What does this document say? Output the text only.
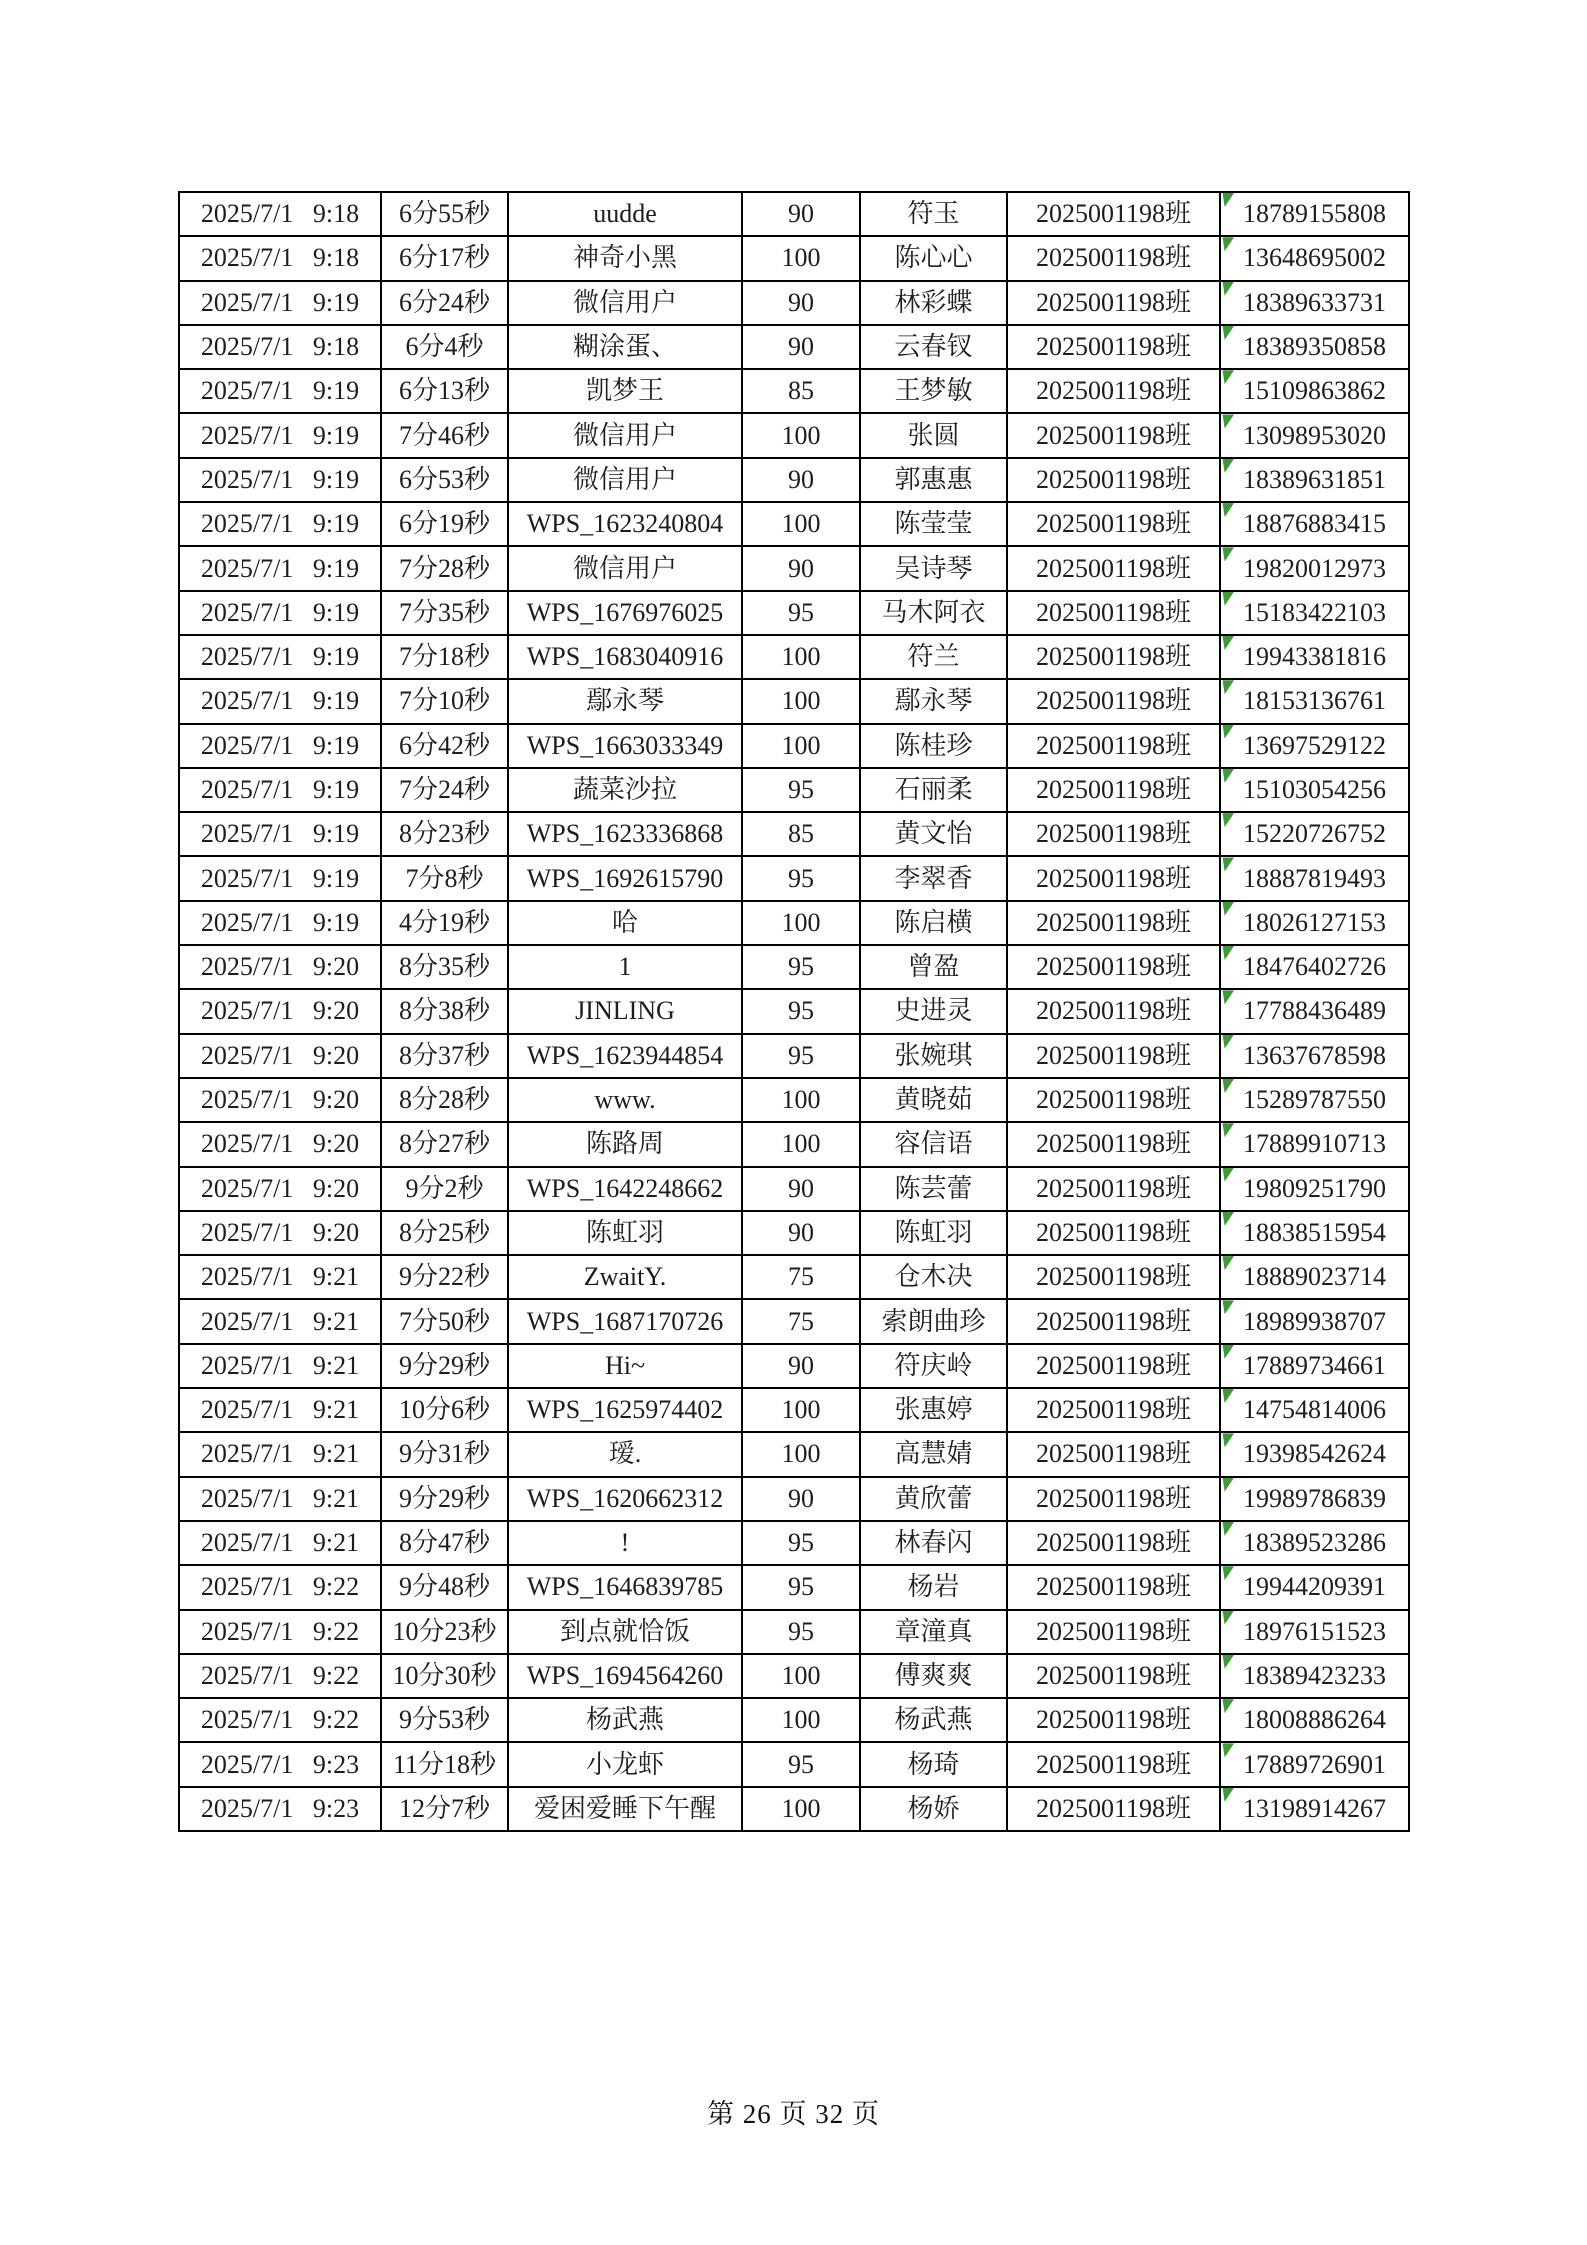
2025/7/1 9:18	6分55秒	uudde	90	符玉	2025001198班	18789155808
2025/7/1 9:18	6分17秒	神奇小黑	100	陈心心	2025001198班	13648695002
2025/7/1 9:19	6分24秒	微信用户	90	林彩蝶	2025001198班	18389633731
2025/7/1 9:18	6分4秒	糊涂蛋、	90	云春钗	2025001198班	18389350858
2025/7/1 9:19	6分13秒	凯梦王	85	王梦敏	2025001198班	15109863862
2025/7/1 9:19	7分46秒	微信用户	100	张圆	2025001198班	13098953020
2025/7/1 9:19	6分53秒	微信用户	90	郭惠惠	2025001198班	18389631851
2025/7/1 9:19	6分19秒	WPS_1623240804	100	陈莹莹	2025001198班	18876883415
2025/7/1 9:19	7分28秒	微信用户	90	吴诗琴	2025001198班	19820012973
2025/7/1 9:19	7分35秒	WPS_1676976025	95	马木阿衣	2025001198班	15183422103
2025/7/1 9:19	7分18秒	WPS_1683040916	100	符兰	2025001198班	19943381816
2025/7/1 9:19	7分10秒	鄢永琴	100	鄢永琴	2025001198班	18153136761
2025/7/1 9:19	6分42秒	WPS_1663033349	100	陈桂珍	2025001198班	13697529122
2025/7/1 9:19	7分24秒	蔬菜沙拉	95	石丽柔	2025001198班	15103054256
2025/7/1 9:19	8分23秒	WPS_1623336868	85	黄文怡	2025001198班	15220726752
2025/7/1 9:19	7分8秒	WPS_1692615790	95	李翠香	2025001198班	18887819493
2025/7/1 9:19	4分19秒	哈	100	陈启横	2025001198班	18026127153
2025/7/1 9:20	8分35秒	1	95	曾盈	2025001198班	18476402726
2025/7/1 9:20	8分38秒	JINLING	95	史进灵	2025001198班	17788436489
2025/7/1 9:20	8分37秒	WPS_1623944854	95	张婉琪	2025001198班	13637678598
2025/7/1 9:20	8分28秒	www.	100	黄晓茹	2025001198班	15289787550
2025/7/1 9:20	8分27秒	陈路周	100	容信语	2025001198班	17889910713
2025/7/1 9:20	9分2秒	WPS_1642248662	90	陈芸蕾	2025001198班	19809251790
2025/7/1 9:20	8分25秒	陈虹羽	90	陈虹羽	2025001198班	18838515954
2025/7/1 9:21	9分22秒	ZwaitY.	75	仓木决	2025001198班	18889023714
2025/7/1 9:21	7分50秒	WPS_1687170726	75	索朗曲珍	2025001198班	18989938707
2025/7/1 9:21	9分29秒	Hi~	90	符庆岭	2025001198班	17889734661
2025/7/1 9:21	10分6秒	WPS_1625974402	100	张惠婷	2025001198班	14754814006
2025/7/1 9:21	9分31秒	瑷.	100	高慧婧	2025001198班	19398542624
2025/7/1 9:21	9分29秒	WPS_1620662312	90	黄欣蕾	2025001198班	19989786839
2025/7/1 9:21	8分47秒	!	95	林春闪	2025001198班	18389523286
2025/7/1 9:22	9分48秒	WPS_1646839785	95	杨岩	2025001198班	19944209391
2025/7/1 9:22	10分23秒	到点就恰饭	95	章潼真	2025001198班	18976151523
2025/7/1 9:22	10分30秒	WPS_1694564260	100	傅爽爽	2025001198班	18389423233
2025/7/1 9:22	9分53秒	杨武燕	100	杨武燕	2025001198班	18008886264
2025/7/1 9:23	11分18秒	小龙虾	95	杨琦	2025001198班	17889726901
2025/7/1 9:23	12分7秒	爱困爱睡下午醒	100	杨娇	2025001198班	13198914267
第 26 页 32 页
